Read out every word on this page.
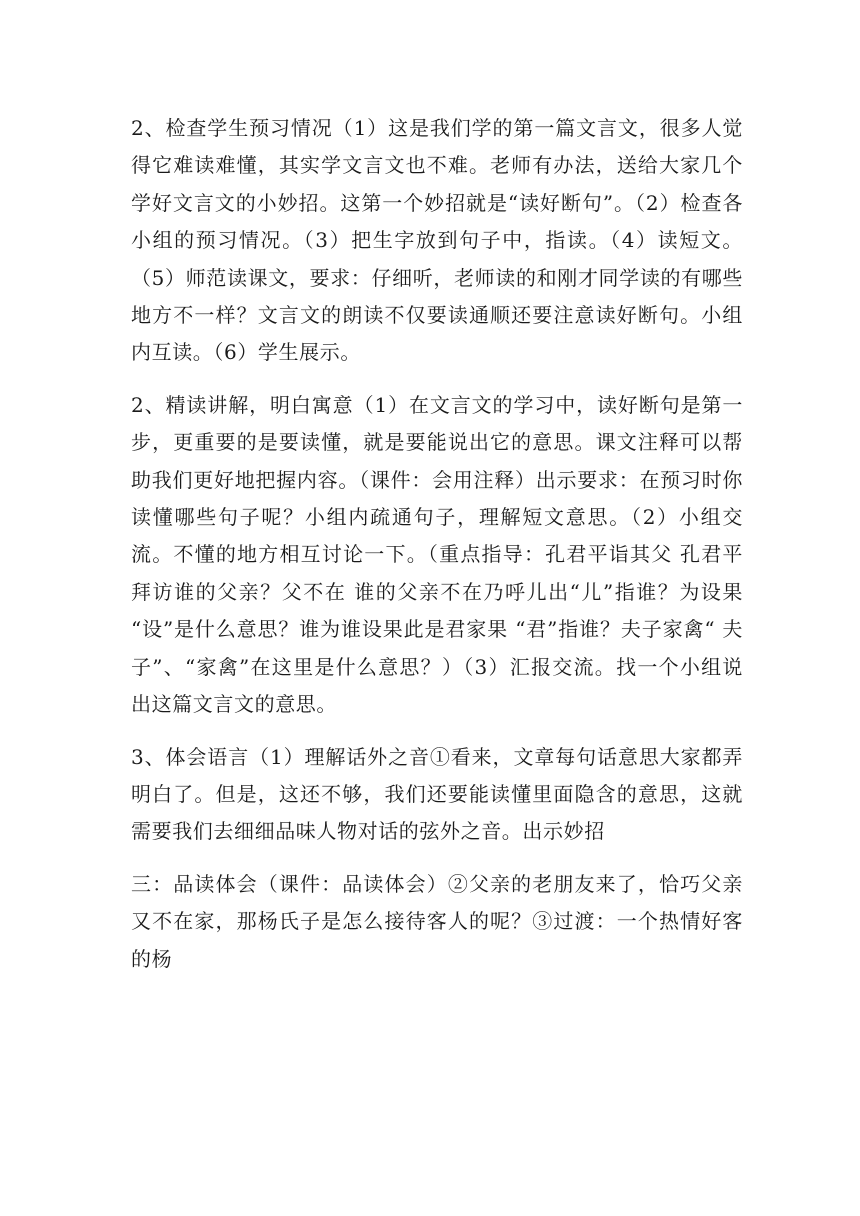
2、检查学生预习情况（1）这是我们学的第一篇文言文，很多人觉得它难读难懂，其实学文言文也不难。老师有办法，送给大家几个学好文言文的小妙招。这第一个妙招就是“读好断句”。（2）检查各小组的预习情况。（3）把生字放到句子中，指读。（4）读短文。（5）师范读课文，要求：仔细听，老师读的和刚才同学读的有哪些地方不一样？文言文的朗读不仅要读通顺还要注意读好断句。小组内互读。（6）学生展示。

2、精读讲解，明白寓意（1）在文言文的学习中，读好断句是第一步，更重要的是要读懂，就是要能说出它的意思。课文注释可以帮助我们更好地把握内容。（课件：会用注释）出示要求：在预习时你读懂哪些句子呢？小组内疏通句子，理解短文意思。（2）小组交流。不懂的地方相互讨论一下。（重点指导：孔君平诣其父 孔君平拜访谁的父亲？父不在 谁的父亲不在乃呼儿出“儿”指谁？为设果 “设”是什么意思？谁为谁设果此是君家果 “君”指谁？夫子家禽“ 夫子”、“家禽”在这里是什么意思？）（3）汇报交流。找一个小组说出这篇文言文的意思。

3、体会语言（1）理解话外之音①看来，文章每句话意思大家都弄明白了。但是，这还不够，我们还要能读懂里面隐含的意思，这就需要我们去细细品味人物对话的弦外之音。出示妙招

三：品读体会（课件：品读体会）②父亲的老朋友来了，恰巧父亲又不在家，那杨氏子是怎么接待客人的呢？③过渡：一个热情好客的杨
